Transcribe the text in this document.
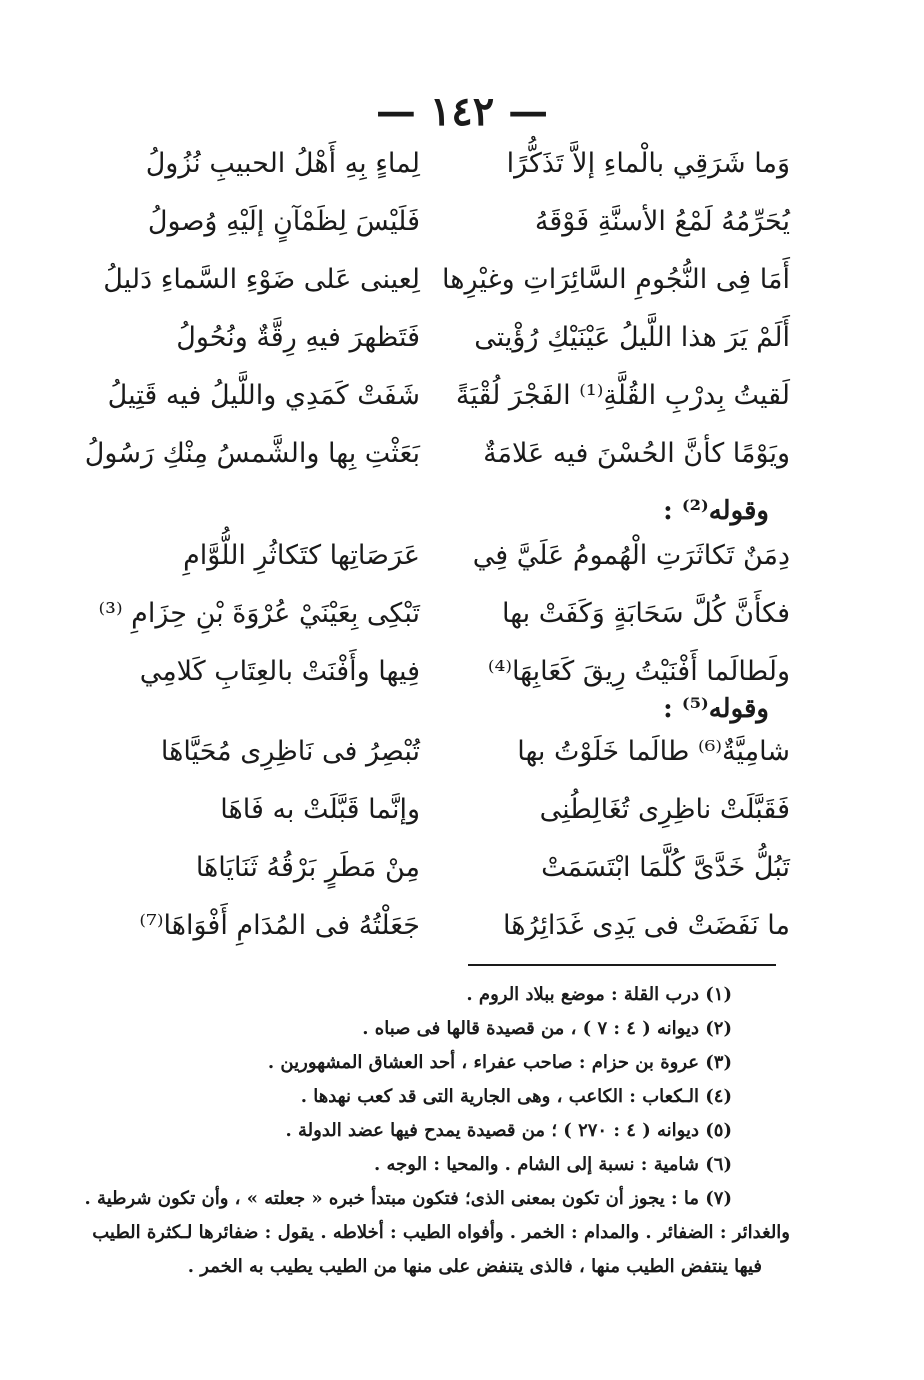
— ١٤٢ —
وَما شَرَقِي بالْماءِ إلاَّ تَذَكُّرًا
لِماءٍ بِهِ أَهْلُ الحبيبِ نُزُولُ
يُحَرِّمُهُ لَمْعُ الأسنَّةِ فَوْقَهُ
فَلَيْسَ لِظَمْآنٍ إلَيْهِ وُصولُ
أَمَا فِى النُّجُومِ السَّائِرَاتِ وغيْرِها
لِعينى عَلى ضَوْءِ السَّماءِ دَليلُ
أَلَمْ يَرَ هذا اللَّيلُ عَيْنَيْكِ رُؤْيتى
فَتَظهرَ فيهِ رِقَّةٌ ونُحُولُ
لَقيتُ بِدرْبِ القُلَّةِ⁽¹⁾ الفَجْرَ لُقْيَةً
شَفَتْ كَمَدِي واللَّيلُ فيه قَتِيلُ
ويَوْمًا كأنَّ الحُسْنَ فيه عَلامَةٌ
بَعَثْتِ بِها والشَّمسُ مِنْكِ رَسُولُ
وقوله⁽²⁾ :
دِمَنٌ تَكاثَرَتِ الْهُمومُ عَلَيَّ فِي
عَرَصَاتِها كتَكاثُرِ اللُّوَّامِ
فكأَنَّ كُلَّ سَحَابَةٍ وَكَفَتْ بها
تَبْكِى بِعَيْنَيْ عُرْوَةَ بْنِ حِزَامِ ⁽³⁾
ولَطالَما أَفْنَيْتُ رِيقَ كَعَابِهَا⁽⁴⁾
فِيها وأَفْنَتْ بالعِتَابِ كَلامِي
وقوله⁽⁵⁾ :
شامِيَّةٌ⁽⁶⁾ طالَما خَلَوْتُ بها
تُبْصِرُ فى نَاظِرِى مُحَيَّاهَا
فَقَبَّلَتْ ناظِرِى تُغَالِطُنِى
وإنَّما قَبَّلَتْ به فَاهَا
تَبُلُّ خَدَّىَّ كُلَّمَا ابْتَسَمَتْ
مِنْ مَطَرٍ بَرْقُهُ ثَنَايَاهَا
ما نَفَضَتْ فى يَدِى غَدَائِرُهَا
جَعَلْتُهُ فى المُدَامِ أَفْوَاهَا⁽⁷⁾
(١) درب القلة : موضع ببلاد الروم .
(٢) ديوانه ( ٤ : ٧ ) ، من قصيدة قالها فى صباه .
(٣) عروة بن حزام : صاحب عفراء ، أحد العشاق المشهورين .
(٤) الـكعاب : الكاعب ، وهى الجارية التى قد كعب نهدها .
(٥) ديوانه ( ٤ : ٢٧٠ ) ؛ من قصيدة يمدح فيها عضد الدولة .
(٦) شامية : نسبة إلى الشام . والمحيا : الوجه .
(٧) ما : يجوز أن تكون بمعنى الذى؛ فتكون مبتدأ خبره « جعلته » ، وأن تكون شرطية .
والغدائر : الضفائر . والمدام : الخمر . وأفواه الطيب : أخلاطه . يقول : ضفائرها لـكثرة الطيب
فيها ينتفض الطيب منها ، فالذى يتنفض على منها من الطيب يطيب به الخمر .
